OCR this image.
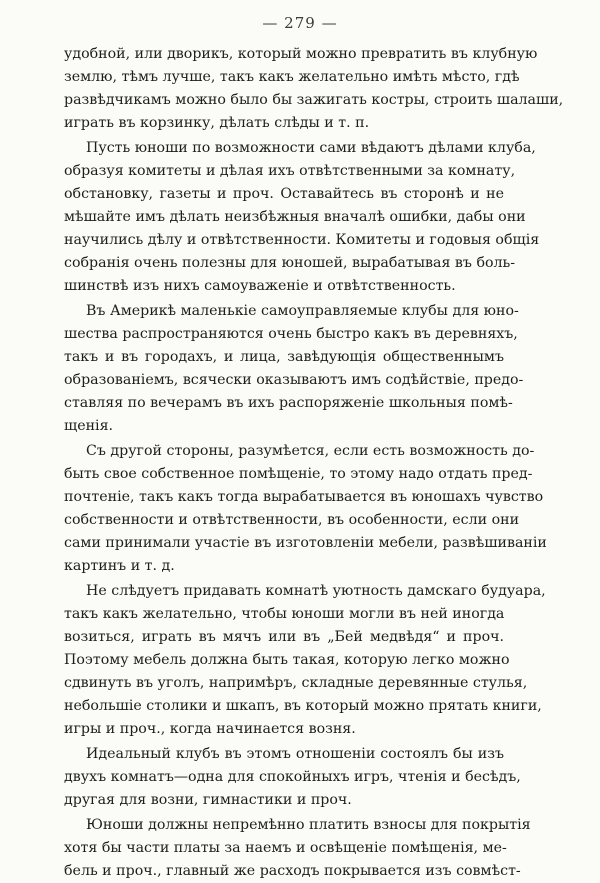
— 279 —
удобной, или дворикъ, который можно превратить въ клубную
землю, тѣмъ лучше, такъ какъ желательно имѣть мѣсто, гдѣ
развѣдчикамъ можно было бы зажигать костры, строить шалаши,
играть въ корзинку, дѣлать слѣды и т. п.
Пусть юноши по возможности сами вѣдаютъ дѣлами клуба,
образуя комитеты и дѣлая ихъ отвѣтственными за комнату,
обстановку, газеты и проч. Оставайтесь въ сторонѣ и не
мѣшайте имъ дѣлать неизбѣжныя вначалѣ ошибки, дабы они
научились дѣлу и отвѣтственности. Комитеты и годовыя общія
собранія очень полезны для юношей, вырабатывая въ боль-
шинствѣ изъ нихъ самоуваженіе и отвѣтственность.
Въ Америкѣ маленькіе самоуправляемые клубы для юно-
шества распространяются очень быстро какъ въ деревняхъ,
такъ и въ городахъ, и лица, завѣдующія общественнымъ
образованіемъ, всячески оказываютъ имъ содѣйствіе, предо-
ставляя по вечерамъ въ ихъ распоряженіе школьныя помѣ-
щенія.
Съ другой стороны, разумѣется, если есть возможность до-
быть свое собственное помѣщеніе, то этому надо отдать пред-
почтеніе, такъ какъ тогда вырабатывается въ юношахъ чувство
собственности и отвѣтственности, въ особенности, если они
сами принимали участіе въ изготовленіи мебели, развѣшиваніи
картинъ и т. д.
Не слѣдуетъ придавать комнатѣ уютность дамскаго будуара,
такъ какъ желательно, чтобы юноши могли въ ней иногда
возиться, играть въ мячъ или въ „Бей медвѣдя“ и проч.
Поэтому мебель должна быть такая, которую легко можно
сдвинуть въ уголъ, напримѣръ, складные деревянные стулья,
небольшіе столики и шкапъ, въ который можно прятать книги,
игры и проч., когда начинается возня.
Идеальный клубъ въ этомъ отношеніи состоялъ бы изъ
двухъ комнатъ—одна для спокойныхъ игръ, чтенія и бесѣдъ,
другая для возни, гимнастики и проч.
Юноши должны непремѣнно платить взносы для покрытія
хотя бы части платы за наемъ и освѣщеніе помѣщенія, ме-
бель и проч., главный же расходъ покрывается изъ совмѣст-
